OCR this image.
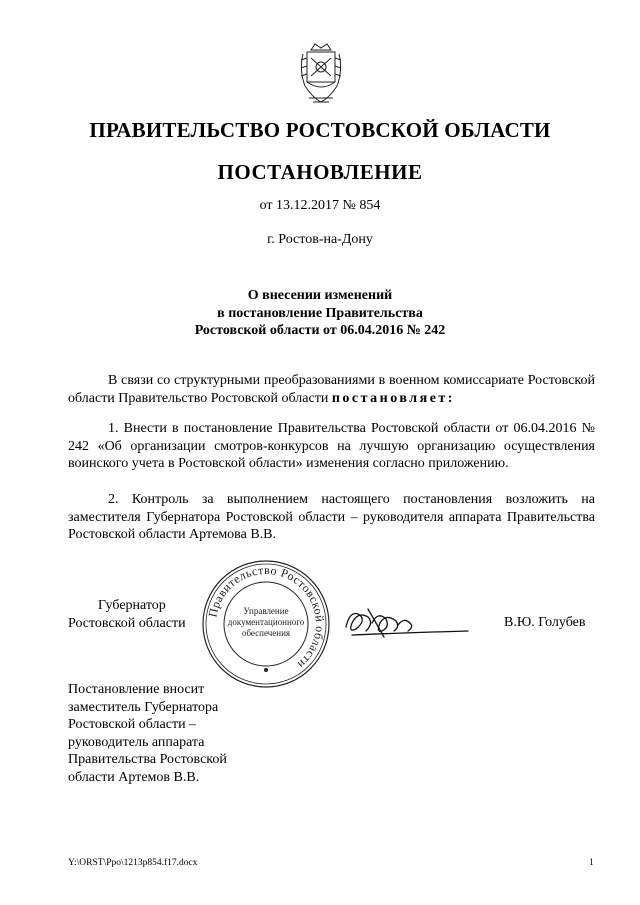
ПРАВИТЕЛЬСТВО РОСТОВСКОЙ ОБЛАСТИ
ПОСТАНОВЛЕНИЕ
от 13.12.2017 № 854
г. Ростов-на-Дону
О внесении изменений
в постановление Правительства
Ростовской области от 06.04.2016 № 242
В связи со структурными преобразованиями в военном комиссариате Ростовской области Правительство Ростовской области постановляет:
1. Внести в постановление Правительства Ростовской области от 06.04.2016 № 242 «Об организации смотров-конкурсов на лучшую организацию осуществления воинского учета в Ростовской области» изменения согласно приложению.
2. Контроль за выполнением настоящего постановления возложить на заместителя Губернатора Ростовской области – руководителя аппарата Правительства Ростовской области Артемова В.В.
Губернатор
Ростовской области
Правительство Ростовской области
Управление
документационного
обеспечения
В.Ю. Голубев
Постановление вносит
заместитель Губернатора
Ростовской области –
руководитель аппарата
Правительства Ростовской
области Артемов В.В.
Y:\ORST\Ppo\1213p854.f17.docx	1
